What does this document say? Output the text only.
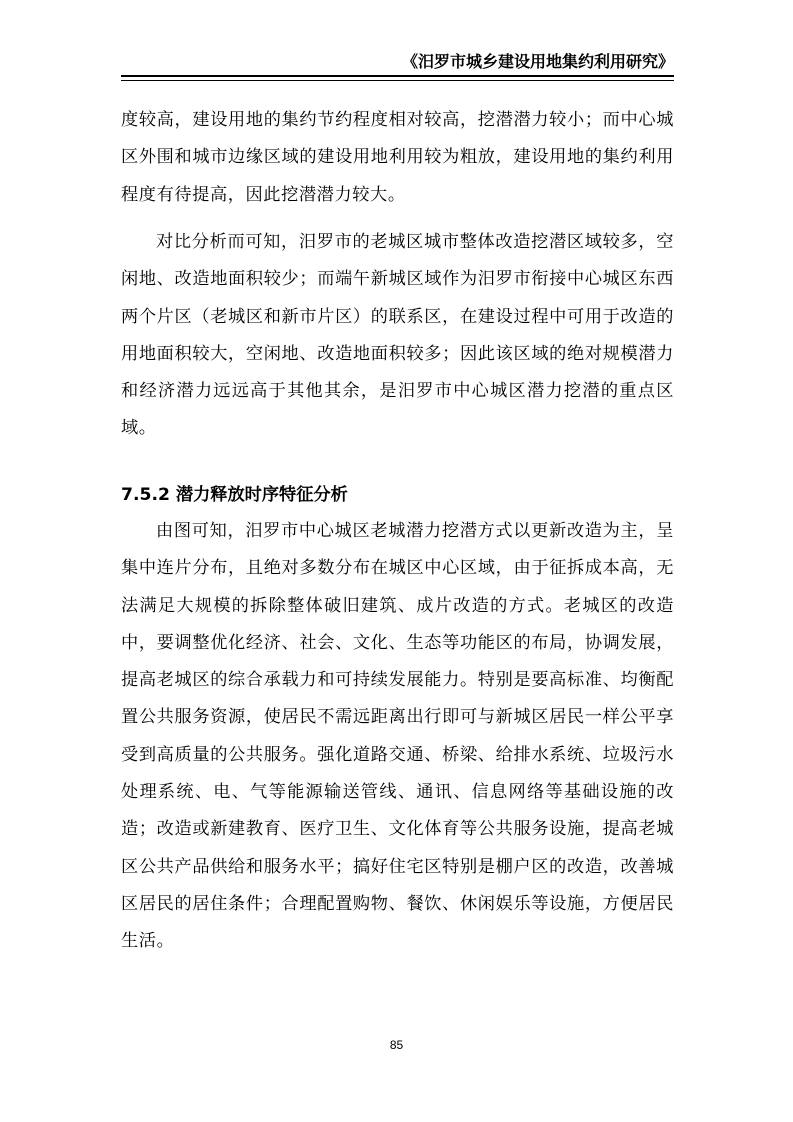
《汨罗市城乡建设用地集约利用研究》

度较高，建设用地的集约节约程度相对较高，挖潜潜力较小；而中心城区外围和城市边缘区域的建设用地利用较为粗放，建设用地的集约利用程度有待提高，因此挖潜潜力较大。

对比分析而可知，汨罗市的老城区城市整体改造挖潜区域较多，空闲地、改造地面积较少；而端午新城区域作为汨罗市衔接中心城区东西两个片区（老城区和新市片区）的联系区，在建设过程中可用于改造的用地面积较大，空闲地、改造地面积较多；因此该区域的绝对规模潜力和经济潜力远远高于其他其余，是汨罗市中心城区潜力挖潜的重点区域。

7.5.2 潜力释放时序特征分析

由图可知，汨罗市中心城区老城潜力挖潜方式以更新改造为主，呈集中连片分布，且绝对多数分布在城区中心区域，由于征拆成本高，无法满足大规模的拆除整体破旧建筑、成片改造的方式。老城区的改造中，要调整优化经济、社会、文化、生态等功能区的布局，协调发展，提高老城区的综合承载力和可持续发展能力。特别是要高标准、均衡配置公共服务资源，使居民不需远距离出行即可与新城区居民一样公平享受到高质量的公共服务。强化道路交通、桥梁、给排水系统、垃圾污水处理系统、电、气等能源输送管线、通讯、信息网络等基础设施的改造；改造或新建教育、医疗卫生、文化体育等公共服务设施，提高老城区公共产品供给和服务水平；搞好住宅区特别是棚户区的改造，改善城区居民的居住条件；合理配置购物、餐饮、休闲娱乐等设施，方便居民生活。

85
